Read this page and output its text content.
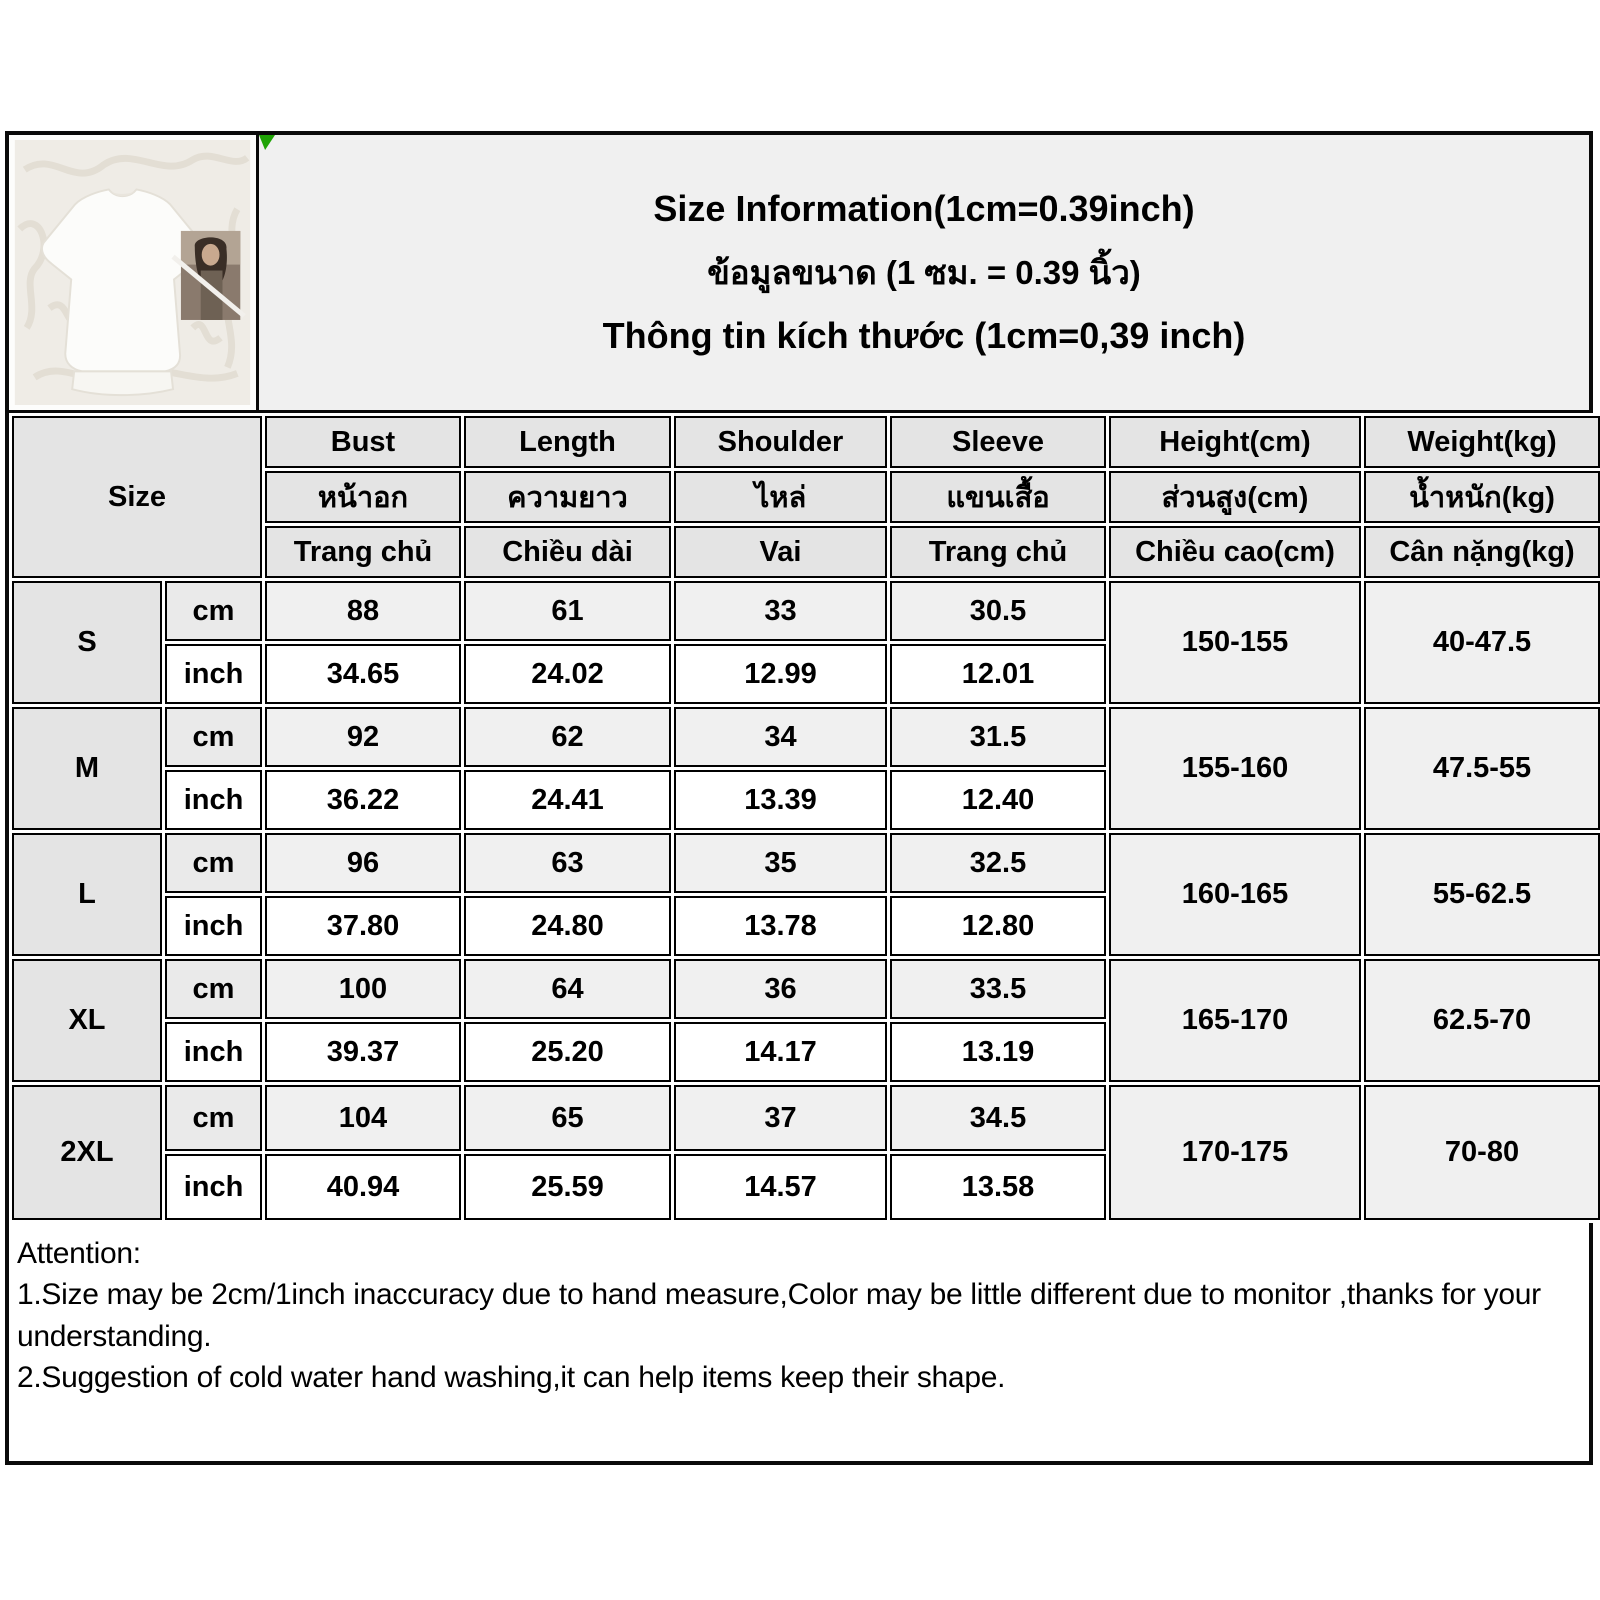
Size Information(1cm=0.39inch)
ข้อมูลขนาด (1 ซม. = 0.39 นิ้ว)
Thông tin kích thước (1cm=0,39 inch)
Size		Bust	Length	Shoulder	Sleeve	Height(cm)	Weight(kg)
		หน้าอก	ความยาว	ไหล่	แขนเสื้อ	ส่วนสูง(cm)	น้ำหนัก(kg)
		Trang chủ	Chiều dài	Vai	Trang chủ	Chiều cao(cm)	Cân nặng(kg)
S	cm	88	61	33	30.5	150-155	40-47.5
	inch	34.65	24.02	12.99	12.01		
M	cm	92	62	34	31.5	155-160	47.5-55
	inch	36.22	24.41	13.39	12.40		
L	cm	96	63	35	32.5	160-165	55-62.5
	inch	37.80	24.80	13.78	12.80		
XL	cm	100	64	36	33.5	165-170	62.5-70
	inch	39.37	25.20	14.17	13.19		
2XL	cm	104	65	37	34.5	170-175	70-80
	inch	40.94	25.59	14.57	13.58		
Attention:
1.Size may be 2cm/1inch inaccuracy due to hand measure,Color may be little different due to monitor ,thanks for your understanding.
2.Suggestion of cold water hand washing,it can help items keep their shape.
